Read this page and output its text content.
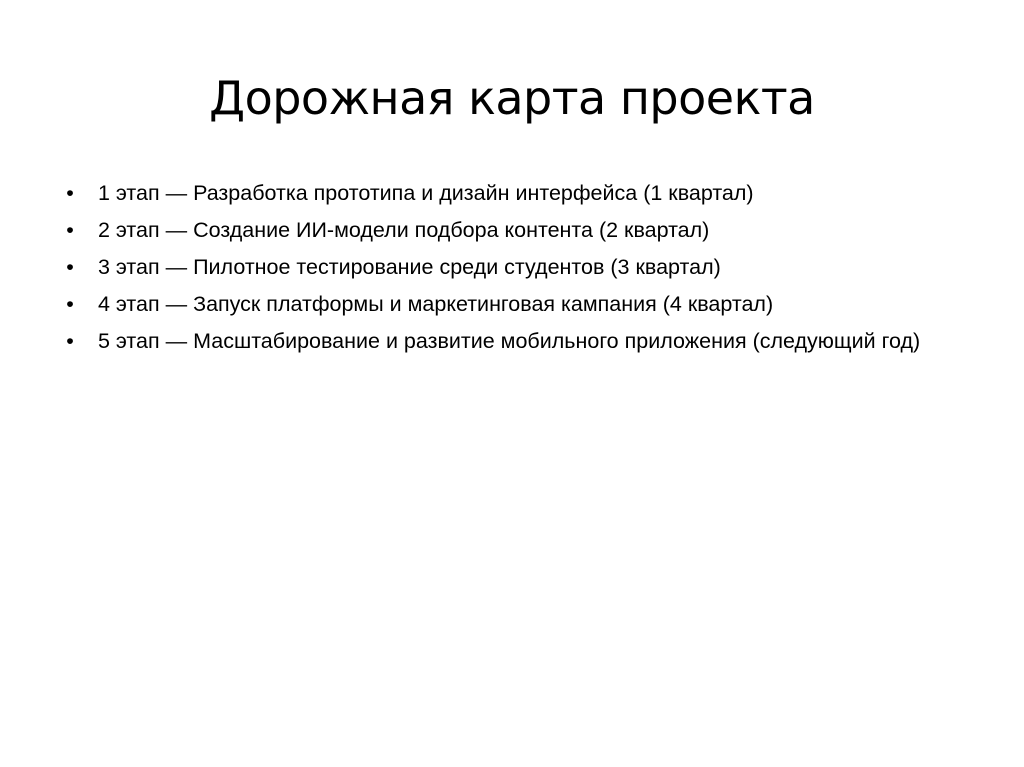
Дорожная карта проекта
• 1 этап — Разработка прототипа и дизайн интерфейса (1 квартал)
• 2 этап — Создание ИИ-модели подбора контента (2 квартал)
• 3 этап — Пилотное тестирование среди студентов (3 квартал)
• 4 этап — Запуск платформы и маркетинговая кампания (4 квартал)
• 5 этап — Масштабирование и развитие мобильного приложения (следующий год)
